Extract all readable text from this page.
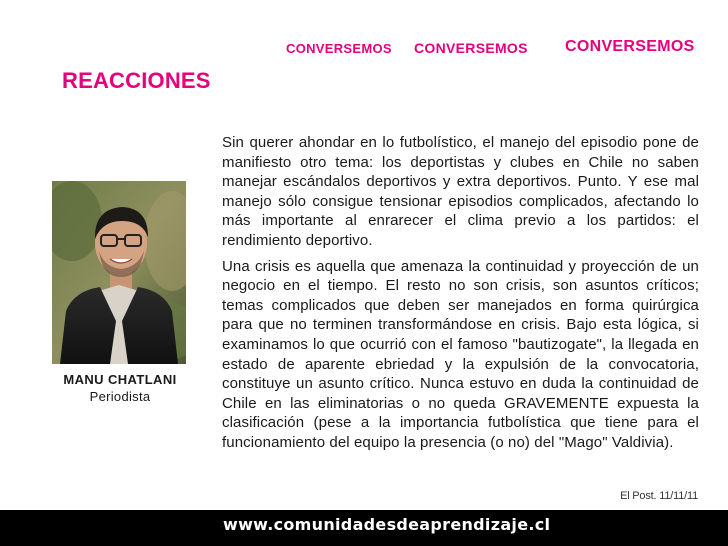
CONVERSEMOS CONVERSEMOS CONVERSEMOS
REACCIONES
MANU CHATLANI
Periodista

Sin querer ahondar en lo futbolístico, el manejo del episodio pone de manifiesto otro tema: los deportistas y clubes en Chile no saben manejar escándalos deportivos y extra deportivos. Punto. Y ese mal manejo sólo consigue tensionar episodios complicados, afectando lo más importante al enrarecer el clima previo a los partidos: el rendimiento deportivo.

Una crisis es aquella que amenaza la continuidad y proyección de un negocio en el tiempo. El resto no son crisis, son asuntos críticos; temas complicados que deben ser manejados en forma quirúrgica para que no terminen transformándose en crisis. Bajo esta lógica, si examinamos lo que ocurrió con el famoso "bautizogate", la llegada en estado de aparente ebriedad y la expulsión de la convocatoria, constituye un asunto crítico. Nunca estuvo en duda la continuidad de Chile en las eliminatorias o no queda GRAVEMENTE expuesta la clasificación (pese a la importancia futbolística que tiene para el funcionamiento del equipo la presencia (o no) del "Mago" Valdivia).

El Post. 11/11/11
www.comunidadesdeaprendizaje.cl
